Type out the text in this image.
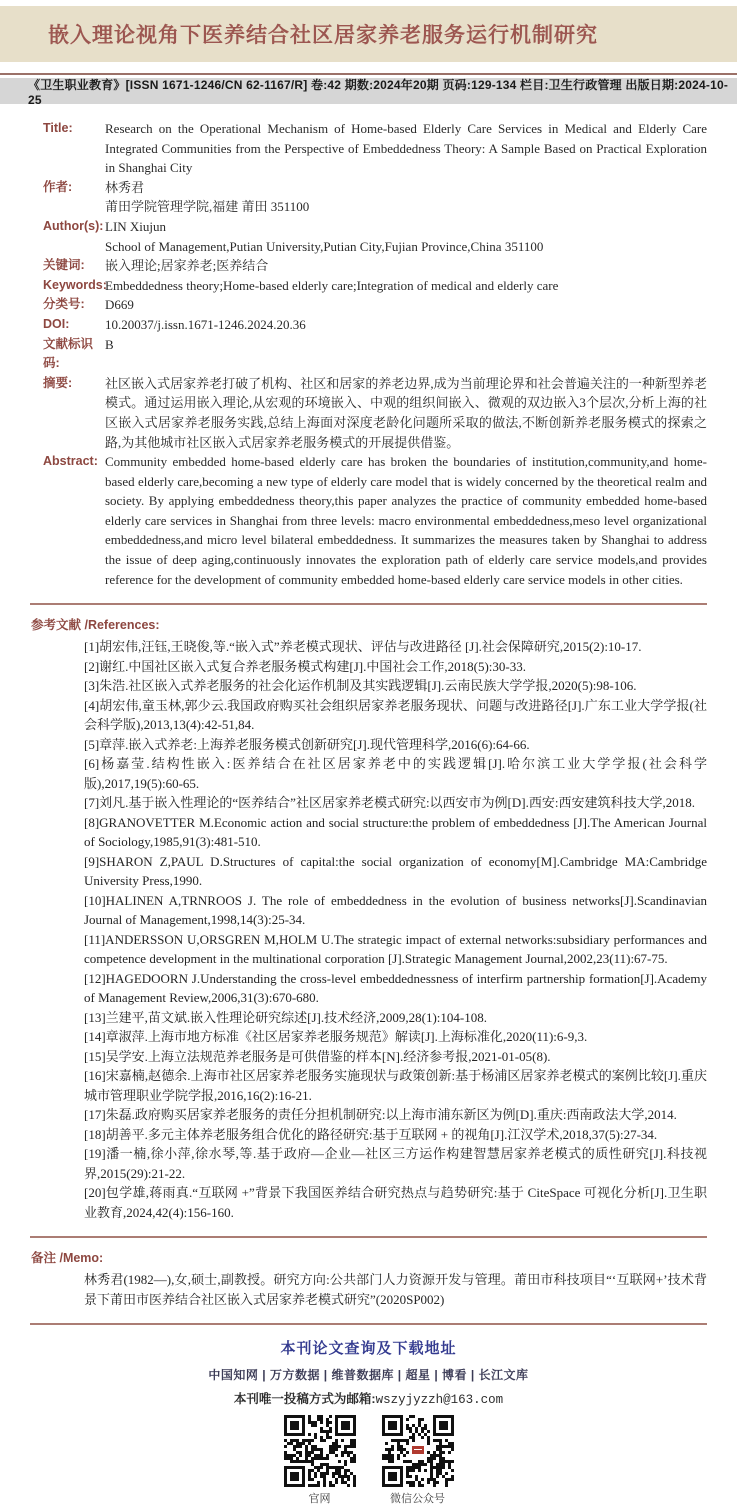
嵌入理论视角下医养结合社区居家养老服务运行机制研究
《卫生职业教育》[ISSN 1671-1246/CN 62-1167/R] 卷:42 期数:2024年20期 页码:129-134 栏目:卫生行政管理 出版日期:2024-10-25
Title:	Research on the Operational Mechanism of Home-based Elderly Care Services in Medical and Elderly Care Integrated Communities from the Perspective of Embeddedness Theory: A Sample Based on Practical Exploration in Shanghai City
作者:	林秀君
莆田学院管理学院,福建 莆田 351100
Author(s): LIN Xiujun
School of Management,Putian University,Putian City,Fujian Province,China 351100
关键词:	嵌入理论;居家养老;医养结合
Keywords:
Embeddedness theory;Home-based elderly care;Integration of medical and elderly care
分类号:	D669
DOI:	10.20037/j.issn.1671-1246.2024.20.36
文献标识码:
B
摘要:	社区嵌入式居家养老打破了机构、社区和居家的养老边界,成为当前理论界和社会普遍关注的一种新型养老模式。通过运用嵌入理论,从宏观的环境嵌入、中观的组织间嵌入、微观的双边嵌入3个层次,分析上海的社区嵌入式居家养老服务实践,总结上海面对深度老龄化问题所采取的做法,不断创新养老服务模式的探索之路,为其他城市社区嵌入式居家养老服务模式的开展提供借鉴。
Abstract: Community embedded home-based elderly care has broken the boundaries of institution,community,and home-based elderly care,becoming a new type of elderly care model that is widely concerned by the theoretical realm and society. By applying embeddedness theory,this paper analyzes the practice of community embedded home-based elderly care services in Shanghai from three levels: macro environmental embeddedness,meso level organizational embeddedness,and micro level bilateral embeddedness. It summarizes the measures taken by Shanghai to address the issue of deep aging,continuously innovates the exploration path of elderly care service models,and provides reference for the development of community embedded home-based elderly care service models in other cities.
参考文献 /References:

[1]胡宏伟,汪钰,王晓俊,等.“嵌入式”养老模式现状、评估与改进路径 [J].社会保障研究,2015(2):10-17.

[2]谢红.中国社区嵌入式复合养老服务模式构建[J].中国社会工作,2018(5):30-33.

[3]朱浩.社区嵌入式养老服务的社会化运作机制及其实践逻辑[J].云南民族大学学报,2020(5):98-106.

[4]胡宏伟,童玉林,郭少云.我国政府购买社会组织居家养老服务现状、问题与改进路径[J].广东工业大学学报(社会科学版),2013,13(4):42-51,84.

[5]章萍.嵌入式养老:上海养老服务模式创新研究[J].现代管理科学,2016(6):64-66.

[6]杨嘉莹.结构性嵌入:医养结合在社区居家养老中的实践逻辑[J].哈尔滨工业大学学报(社会科学版),2017,19(5):60-65.

[7]刘凡.基于嵌入性理论的“医养结合”社区居家养老模式研究:以西安市为例[D].西安:西安建筑科技大学,2018.

[8]GRANOVETTER M.Economic action and social structure:the problem of embeddedness [J].The American Journal of Sociology,1985,91(3):481-510.

[9]SHARON Z,PAUL D.Structures of capital:the social organization of economy[M].Cambridge MA:Cambridge University Press,1990.

[10]HALINEN A,TRNROOS J. The role of embeddedness in the evolution of business networks[J].Scandinavian Journal of Management,1998,14(3):25-34.

[11]ANDERSSON U,ORSGREN M,HOLM U.The strategic impact of external networks:subsidiary performances and competence development in the multinational corporation [J].Strategic Management Journal,2002,23(11):67-75.

[12]HAGEDOORN J.Understanding the cross-level embeddednessness of interfirm partnership formation[J].Academy of Management Review,2006,31(3):670-680.

[13]兰建平,苗文斌.嵌入性理论研究综述[J].技术经济,2009,28(1):104-108.

[14]章淑萍.上海市地方标准《社区居家养老服务规范》解读[J].上海标准化,2020(11):6-9,3.

[15]吴学安.上海立法规范养老服务是可供借鉴的样本[N].经济参考报,2021-01-05(8).

[16]宋嘉楠,赵德余.上海市社区居家养老服务实施现状与政策创新:基于杨浦区居家养老模式的案例比较[J].重庆城市管理职业学院学报,2016,16(2):16-21.

[17]朱磊.政府购买居家养老服务的责任分担机制研究:以上海市浦东新区为例[D].重庆:西南政法大学,2014.

[18]胡善平.多元主体养老服务组合优化的路径研究:基于互联网 + 的视角[J].江汉学术,2018,37(5):27-34.

[19]潘一楠,徐小萍,徐水琴,等.基于政府—企业—社区三方运作构建智慧居家养老模式的质性研究[J].科技视界,2015(29):21-22.

[20]包学雄,蒋雨真.“互联网 +”背景下我国医养结合研究热点与趋势研究:基于 CiteSpace 可视化分析[J].卫生职业教育,2024,42(4):156-160.

备注 /Memo:

林秀君(1982—),女,硕士,副教授。研究方向:公共部门人力资源开发与管理。莆田市科技项目“‘互联网+’技术背景下莆田市医养结合社区嵌入式居家养老模式研究”(2020SP002)

本刊论文查询及下载地址
中国知网 | 万方数据 | 维普数据库 | 超星 | 博看 | 长江文库
本刊唯一投稿方式为邮箱:wszyjyzzh@163.com
官网	微信公众号
